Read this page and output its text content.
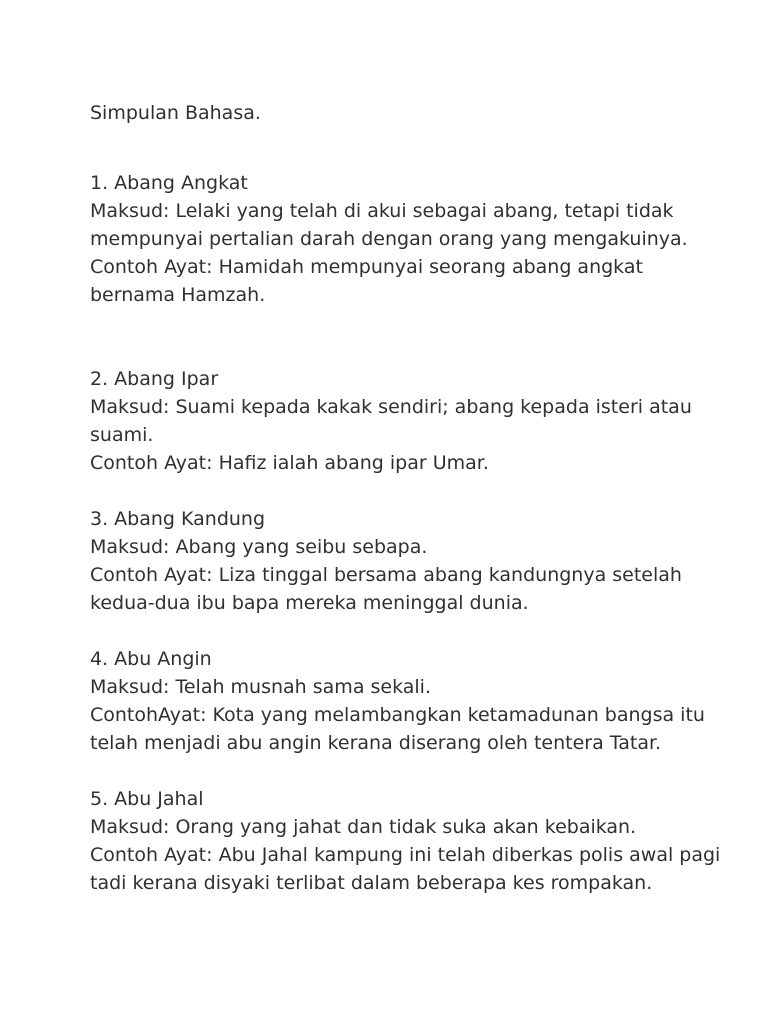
Simpulan Bahasa.

1. Abang Angkat

Maksud: Lelaki yang telah di akui sebagai abang, tetapi tidak mempunyai pertalian darah dengan orang yang mengakuinya.

Contoh Ayat: Hamidah mempunyai seorang abang angkat bernama Hamzah.

2. Abang Ipar

Maksud: Suami kepada kakak sendiri; abang kepada isteri atau suami.

Contoh Ayat: Hafiz ialah abang ipar Umar.

3. Abang Kandung

Maksud: Abang yang seibu sebapa.

Contoh Ayat: Liza tinggal bersama abang kandungnya setelah kedua-dua ibu bapa mereka meninggal dunia.

4. Abu Angin

Maksud: Telah musnah sama sekali.

ContohAyat: Kota yang melambangkan ketamadunan bangsa itu telah menjadi abu angin kerana diserang oleh tentera Tatar.

5. Abu Jahal

Maksud: Orang yang jahat dan tidak suka akan kebaikan.

Contoh Ayat: Abu Jahal kampung ini telah diberkas polis awal pagi tadi kerana disyaki terlibat dalam beberapa kes rompakan.
